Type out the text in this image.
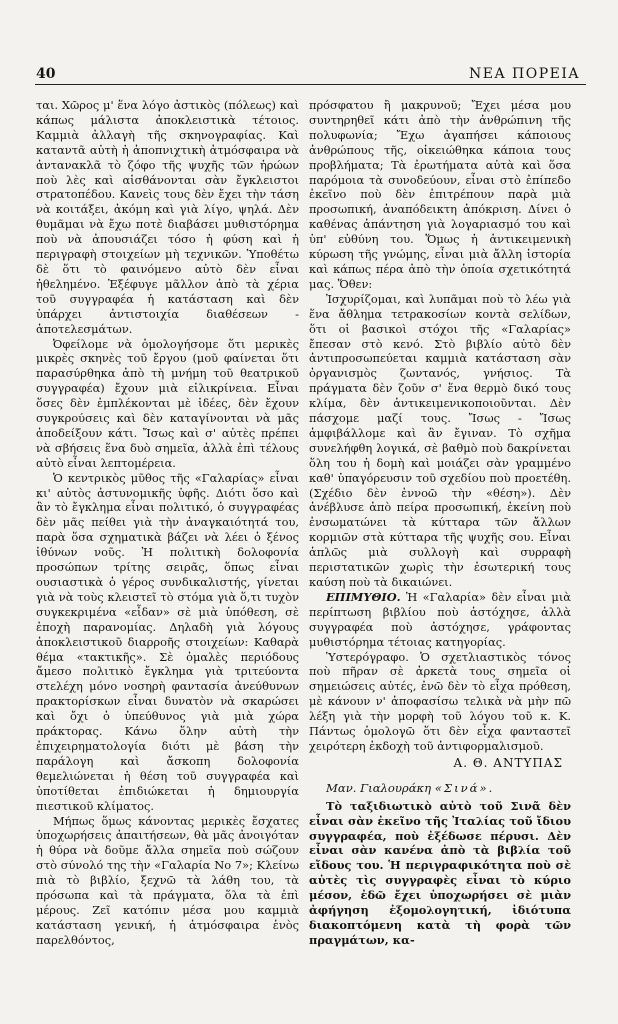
40	ΝΕΑ ΠΟΡΕΙΑ

ται. Χῶρος μ' ἕνα λόγο ἀστικὸς (πόλεως) καὶ κάπως μάλιστα ἀποκλειστικὰ τέτοιος. Καμμιὰ ἀλλαγὴ τῆς σκηνογραφίας. Καὶ καταντᾶ αὐτὴ ἡ ἀποπνιχτικὴ ἀτμόσφαιρα νὰ ἀντανακλᾶ τὸ ζόφο τῆς ψυχῆς τῶν ἡρώων ποὺ λὲς καὶ αἰσθάνονται σὰν ἔγκλειστοι στρατοπέδου. Κανεὶς τους δὲν ἔχει τὴν τάση νὰ κοιτάξει, ἀκόμη καὶ γιὰ λίγο, ψηλά. Δὲν θυμᾶμαι νὰ ἔχω ποτὲ διαβάσει μυθιστόρημα ποὺ νὰ ἀπουσιάζει τόσο ἡ φύση καὶ ἡ περιγραφὴ στοιχείων μὴ τεχνικῶν. Ὑποθέτω δὲ ὅτι τὸ φαινόμενο αὐτὸ δὲν εἶναι ἠθελημένο. Ἐξέφυγε μᾶλλον ἀπὸ τὰ χέρια τοῦ συγγραφέα ἡ κατάσταση καὶ δὲν ὑπάρχει ἀντιστοιχία διαθέσεων - ἀποτελεσμάτων.

Ὀφείλομε νὰ ὁμολογήσομε ὅτι μερικὲς μικρὲς σκηνὲς τοῦ ἔργου (μοῦ φαίνεται ὅτι παρασύρθηκα ἀπὸ τὴ μνήμη τοῦ θεατρικοῦ συγγραφέα) ἔχουν μιὰ εἰλικρίνεια. Εἶναι ὅσες δὲν ἐμπλέκονται μὲ ἰδέες, δὲν ἔχουν συγκρούσεις καὶ δὲν καταγίνονται νὰ μᾶς ἀποδείξουν κάτι. Ἴσως καὶ σ' αὐτὲς πρέπει νὰ σβήσεις ἕνα δυὸ σημεῖα, ἀλλὰ ἐπὶ τέλους αὐτὸ εἶναι λεπτομέρεια.

Ὁ κεντρικὸς μῦθος τῆς «Γαλαρίας» εἶναι κι' αὐτὸς ἀστυνομικῆς ὑφῆς. Διότι ὅσο καὶ ἂν τὸ ἔγκλημα εἶναι πολιτικό, ὁ συγγραφέας δὲν μᾶς πείθει γιὰ τὴν ἀναγκαιότητά του, παρὰ ὅσα σχηματικὰ βάζει νὰ λέει ὁ ξένος ἰθύνων νοῦς. Ἡ πολιτικὴ δολοφονία προσώπων τρίτης σειρᾶς, ὅπως εἶναι ουσιαστικὰ ὁ γέρος συνδικαλιστής, γίνεται γιὰ νὰ τοὺς κλειστεῖ τὸ στόμα γιὰ ὅ,τι τυχὸν συγκεκριμένα «εἶδαν» σὲ μιὰ ὑπόθεση, σὲ ἐποχὴ παρανομίας. Δηλαδὴ γιὰ λόγους ἀποκλειστικοῦ διαρροῆς στοιχείων: Καθαρὰ θέμα «τακτικῆς». Σὲ ὁμαλὲς περιόδους ἄμεσο πολιτικὸ ἔγκλημα γιὰ τριτεύοντα στελέχη μόνο νοσηρὴ φαντασία ἀνεύθυνων πρακτορίσκων εἶναι δυνατὸν νὰ σκαρώσει καὶ ὄχι ὁ ὑπεύθυνος γιὰ μιὰ χώρα πράκτορας. Κάνω ὅλην αὐτὴ τὴν ἐπιχειρηματολογία διότι μὲ βάση τὴν παράλογη καὶ ἄσκοπη δολοφονία θεμελιώνεται ἡ θέση τοῦ συγγραφέα καὶ ὑποτίθεται ἐπιδιώκεται ἡ δημιουργία πιεστικοῦ κλίματος.

Μήπως ὅμως κάνοντας μερικὲς ἔσχατες ὑποχωρήσεις ἀπαιτήσεων, θὰ μᾶς ἀνοιγόταν ἡ θύρα νὰ δοῦμε ἄλλα σημεῖα ποὺ σώζουν στὸ σύνολό της τὴν «Γαλαρία Νο 7»; Κλείνω πιὰ τὸ βιβλίο, ξεχνῶ τὰ λάθη του, τὰ πρόσωπα καὶ τὰ πράγματα, ὅλα τὰ ἐπὶ μέρους. Ζεῖ κατόπιν μέσα μου καμμιὰ κατάσταση γενική, ἡ ἀτμόσφαιρα ἑνὸς παρελθόντος,

πρόσφατου ἢ μακρυνοῦ; Ἔχει μέσα μου συντηρηθεῖ κάτι ἀπὸ τὴν ἀνθρώπινη τῆς πολυφωνία; Ἔχω ἀγαπήσει κάποιους ἀνθρώπους τῆς, οἰκειώθηκα κάποια τους προβλήματα; Τὰ ἐρωτήματα αὐτὰ καὶ ὅσα παρόμοια τὰ συνοδεύουν, εἶναι στὸ ἐπίπεδο ἐκεῖνο ποὺ δὲν ἐπιτρέπουν παρὰ μιὰ προσωπική, ἀναπόδεικτη ἀπόκριση. Δίνει ὁ καθένας ἀπάντηση γιὰ λογαριασμό του καὶ ὑπ' εὐθύνη του. Ὅμως ἡ ἀντικειμενικὴ κύρωση τῆς γνώμης, εἶναι μιὰ ἄλλη ἱστορία καὶ κάπως πέρα ἀπὸ τὴν ὁποία σχετικότητά μας. Ὅθεν:

Ἰσχυρίζομαι, καὶ λυπᾶμαι ποὺ τὸ λέω γιὰ ἕνα ἄθλημα τετρακοσίων κοντὰ σελίδων, ὅτι οἱ βασικοὶ στόχοι τῆς «Γαλαρίας» ἔπεσαν στὸ κενό. Στὸ βιβλίο αὐτὸ δὲν ἀντιπροσωπεύεται καμμιὰ κατάσταση σὰν ὀργανισμὸς ζωντανός, γνήσιος. Τὰ πράγματα δὲν ζοῦν σ' ἕνα θερμὸ δικό τους κλίμα, δὲν ἀντικειμενικοποιοῦνται. Δὲν πάσχομε μαζί τους. Ἴσως - Ἴσως ἀμφιβάλλομε καὶ ἂν ἔγιναν. Τὸ σχῆμα συνελήφθη λογικά, σὲ βαθμὸ ποὺ δακρίνεται ὅλη του ἡ δομὴ καὶ μοιάζει σὰν γραμμένο καθ' ὑπαγόρευσιν τοῦ σχεδίου ποὺ προετέθη. (Σχέδιο δὲν ἐννοῶ τὴν «θέση»). Δὲν ἀνέβλυσε ἀπὸ πείρα προσωπική, ἐκείνη ποὺ ἐνσωματώνει τὰ κύτταρα τῶν ἄλλων κορμιῶν στὰ κύτταρα τῆς ψυχῆς σου. Εἶναι ἁπλῶς μιὰ συλλογὴ καὶ συρραφὴ περιστατικῶν χωρὶς τὴν ἐσωτερική τους καύση ποὺ τὰ δικαιώνει.

ΕΠΙΜΥΘΙΟ. Ἡ «Γαλαρία» δὲν εἶναι μιὰ περίπτωση βιβλίου ποὺ ἀστόχησε, ἀλλὰ συγγραφέα ποὺ ἀστόχησε, γράφοντας μυθιστόρημα τέτοιας κατηγορίας.

Ὑστερόγραφο. Ὁ σχετλιαστικὸς τόνος ποὺ πῆραν σὲ ἀρκετὰ τους σημεῖα οἱ σημειώσεις αὐτές, ἐνῶ δὲν τὸ εἶχα πρόθεση, μὲ κάνουν ν' ἀποφασίσω τελικὰ νὰ μὴν πῶ λέξη γιὰ τὴν μορφὴ τοῦ λόγου τοῦ κ. Κ. Πάντως ὁμολογῶ ὅτι δὲν εἶχα φανταστεῖ χειρότερη ἐκδοχὴ τοῦ ἀντιφορμαλισμοῦ.

Α. Θ. ΑΝΤΥΠΑΣ
Μαν. Γιαλουράκη «Σινά».

Τὸ ταξιδιωτικὸ αὐτὸ τοῦ Σινᾶ δὲν εἶναι σὰν ἐκεῖνο τῆς Ἰταλίας τοῦ ἴδιου συγγραφέα, ποὺ ἐξέδωσε πέρυσι. Δὲν εἶναι σὰν κανένα ἀπὸ τὰ βιβλία τοῦ εἴδους του. Ἡ περιγραφικότητα ποὺ σὲ αὐτὲς τὶς συγγραφὲς εἶναι τὸ κύριο μέσον, ἐδῶ ἔχει ὑποχωρήσει σὲ μιὰν ἀφήγηση ἐξομολογητική, ἰδιότυπα διακοπτόμενη κατὰ τὴ φορὰ τῶν πραγμάτων, κα-
